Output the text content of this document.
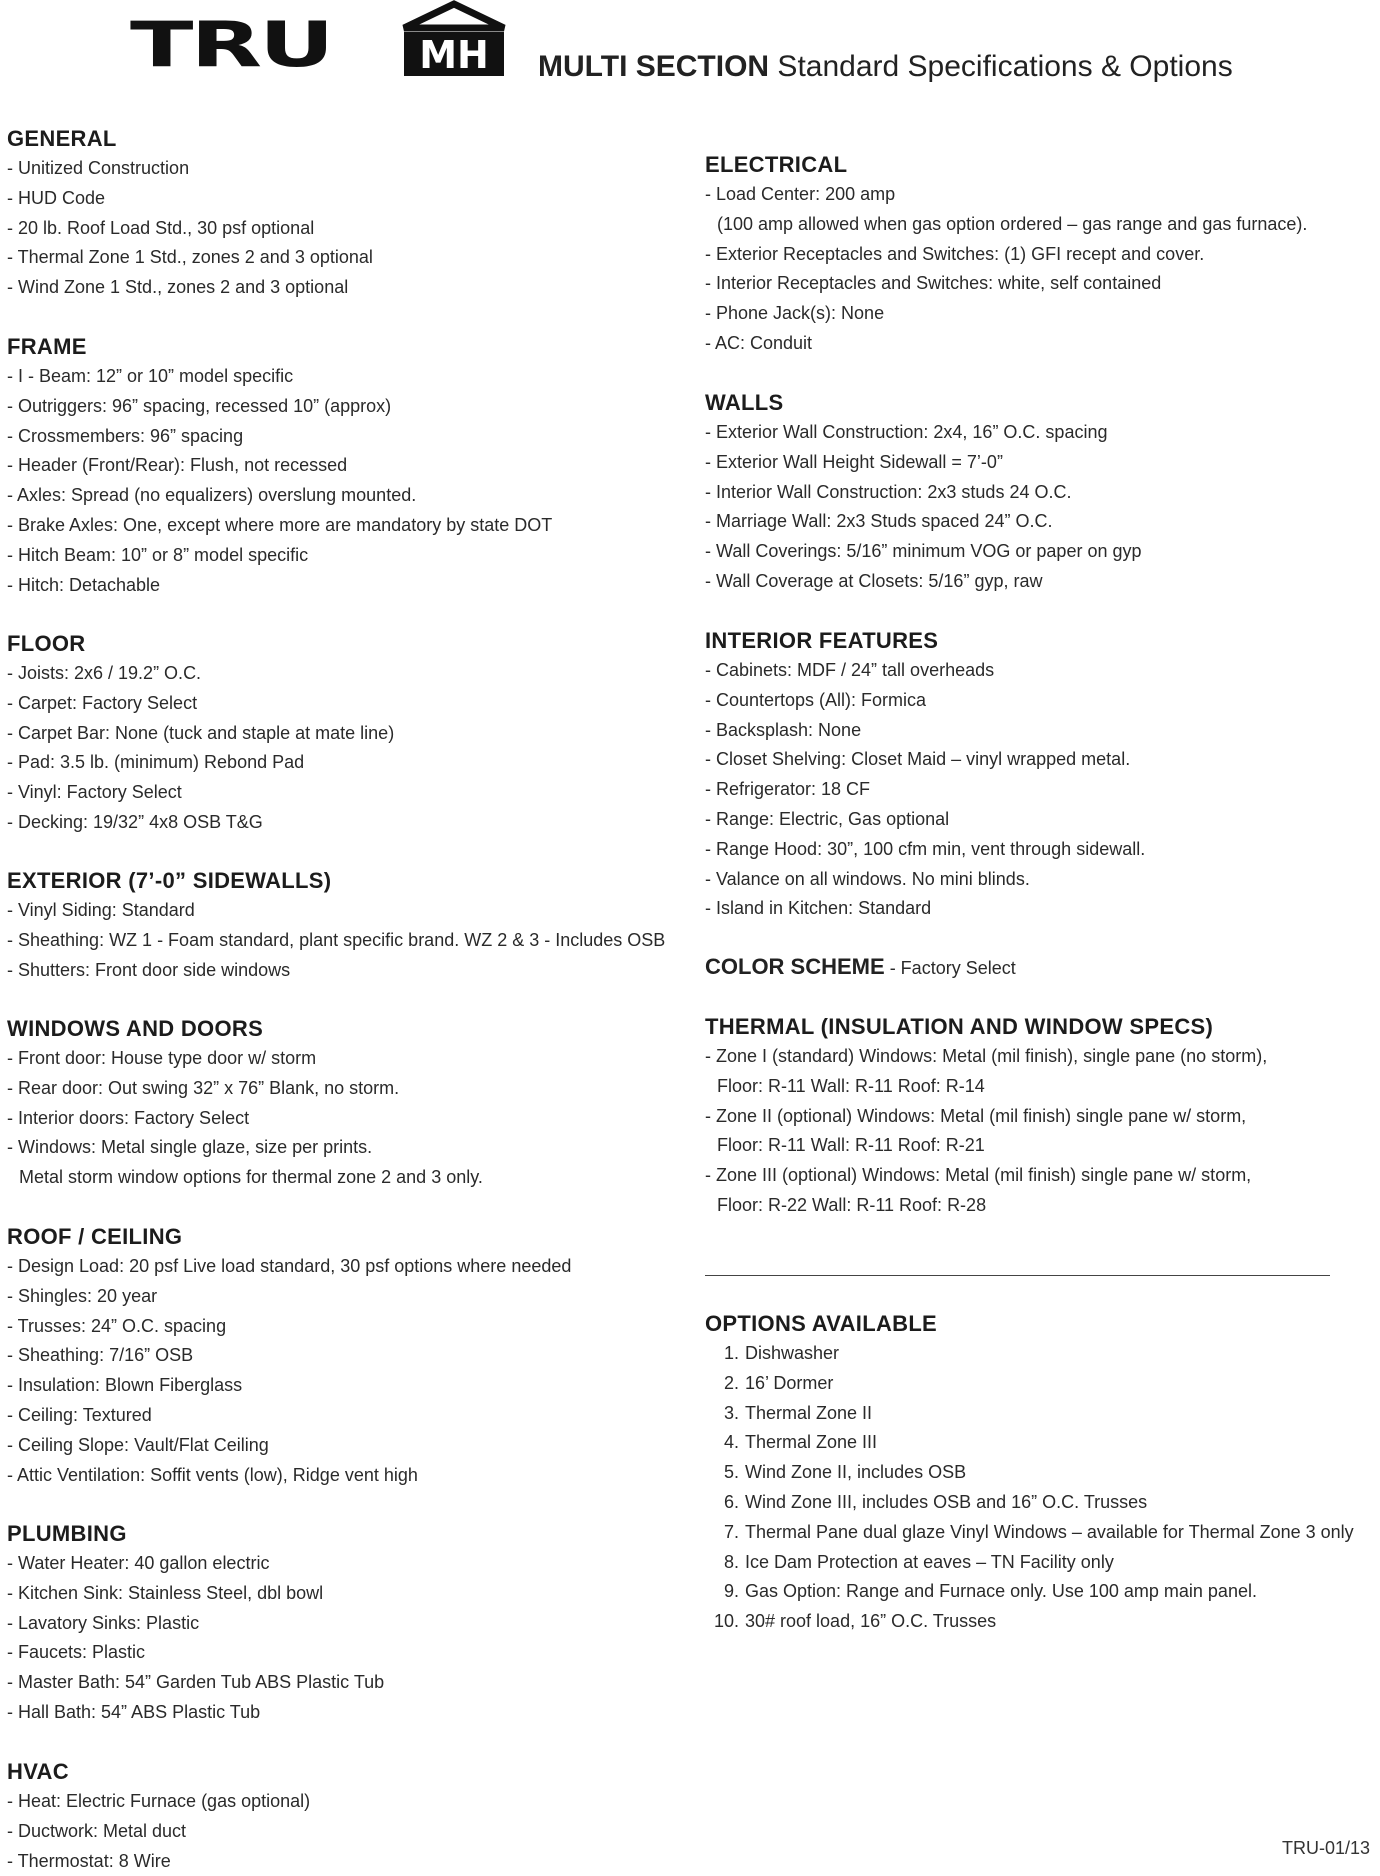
TRU MH MULTI SECTION Standard Specifications & Options
GENERAL
- Unitized Construction
- HUD Code
- 20 lb. Roof Load Std., 30 psf optional
- Thermal Zone 1 Std., zones 2 and 3 optional
- Wind Zone 1 Std., zones 2 and 3 optional
FRAME
- I - Beam: 12” or 10” model specific
- Outriggers: 96” spacing, recessed 10” (approx)
- Crossmembers: 96” spacing
- Header (Front/Rear): Flush, not recessed
- Axles: Spread (no equalizers) overslung mounted.
- Brake Axles: One, except where more are mandatory by state DOT
- Hitch Beam: 10” or 8” model specific
- Hitch: Detachable
FLOOR
- Joists: 2x6 / 19.2” O.C.
- Carpet: Factory Select
- Carpet Bar: None (tuck and staple at mate line)
- Pad: 3.5 lb. (minimum) Rebond Pad
- Vinyl: Factory Select
- Decking: 19/32” 4x8 OSB T&G
EXTERIOR (7’-0” SIDEWALLS)
- Vinyl Siding: Standard
- Sheathing: WZ 1 - Foam standard, plant specific brand. WZ 2 & 3 - Includes OSB
- Shutters: Front door side windows
WINDOWS AND DOORS
- Front door: House type door w/ storm
- Rear door: Out swing 32” x 76” Blank, no storm.
- Interior doors: Factory Select
- Windows: Metal single glaze, size per prints.
Metal storm window options for thermal zone 2 and 3 only.
ROOF / CEILING
- Design Load: 20 psf Live load standard, 30 psf options where needed
- Shingles: 20 year
- Trusses: 24” O.C. spacing
- Sheathing: 7/16” OSB
- Insulation: Blown Fiberglass
- Ceiling: Textured
- Ceiling Slope: Vault/Flat Ceiling
- Attic Ventilation: Soffit vents (low), Ridge vent high
PLUMBING
- Water Heater: 40 gallon electric
- Kitchen Sink: Stainless Steel, dbl bowl
- Lavatory Sinks: Plastic
- Faucets: Plastic
- Master Bath: 54” Garden Tub ABS Plastic Tub
- Hall Bath: 54” ABS Plastic Tub
HVAC
- Heat: Electric Furnace (gas optional)
- Ductwork: Metal duct
- Thermostat: 8 Wire
ELECTRICAL
- Load Center: 200 amp
(100 amp allowed when gas option ordered – gas range and gas furnace).
- Exterior Receptacles and Switches: (1) GFI recept and cover.
- Interior Receptacles and Switches: white, self contained
- Phone Jack(s): None
- AC: Conduit
WALLS
- Exterior Wall Construction: 2x4, 16” O.C. spacing
- Exterior Wall Height Sidewall = 7’-0”
- Interior Wall Construction: 2x3 studs 24 O.C.
- Marriage Wall: 2x3 Studs spaced 24” O.C.
- Wall Coverings: 5/16” minimum VOG or paper on gyp
- Wall Coverage at Closets: 5/16” gyp, raw
INTERIOR FEATURES
- Cabinets: MDF / 24” tall overheads
- Countertops (All): Formica
- Backsplash: None
- Closet Shelving: Closet Maid – vinyl wrapped metal.
- Refrigerator: 18 CF
- Range: Electric, Gas optional
- Range Hood: 30”, 100 cfm min, vent through sidewall.
- Valance on all windows. No mini blinds.
- Island in Kitchen: Standard
COLOR SCHEME - Factory Select
THERMAL (INSULATION AND WINDOW SPECS)
- Zone I (standard) Windows: Metal (mil finish), single pane (no storm),
Floor: R-11 Wall: R-11 Roof: R-14
- Zone II (optional) Windows: Metal (mil finish) single pane w/ storm,
Floor: R-11 Wall: R-11 Roof: R-21
- Zone III (optional) Windows: Metal (mil finish) single pane w/ storm,
Floor: R-22 Wall: R-11 Roof: R-28
OPTIONS AVAILABLE
1. Dishwasher
2. 16’ Dormer
3. Thermal Zone II
4. Thermal Zone III
5. Wind Zone II, includes OSB
6. Wind Zone III, includes OSB and 16” O.C. Trusses
7. Thermal Pane dual glaze Vinyl Windows – available for Thermal Zone 3 only
8. Ice Dam Protection at eaves – TN Facility only
9. Gas Option: Range and Furnace only. Use 100 amp main panel.
10. 30# roof load, 16” O.C. Trusses
TRU-01/13
